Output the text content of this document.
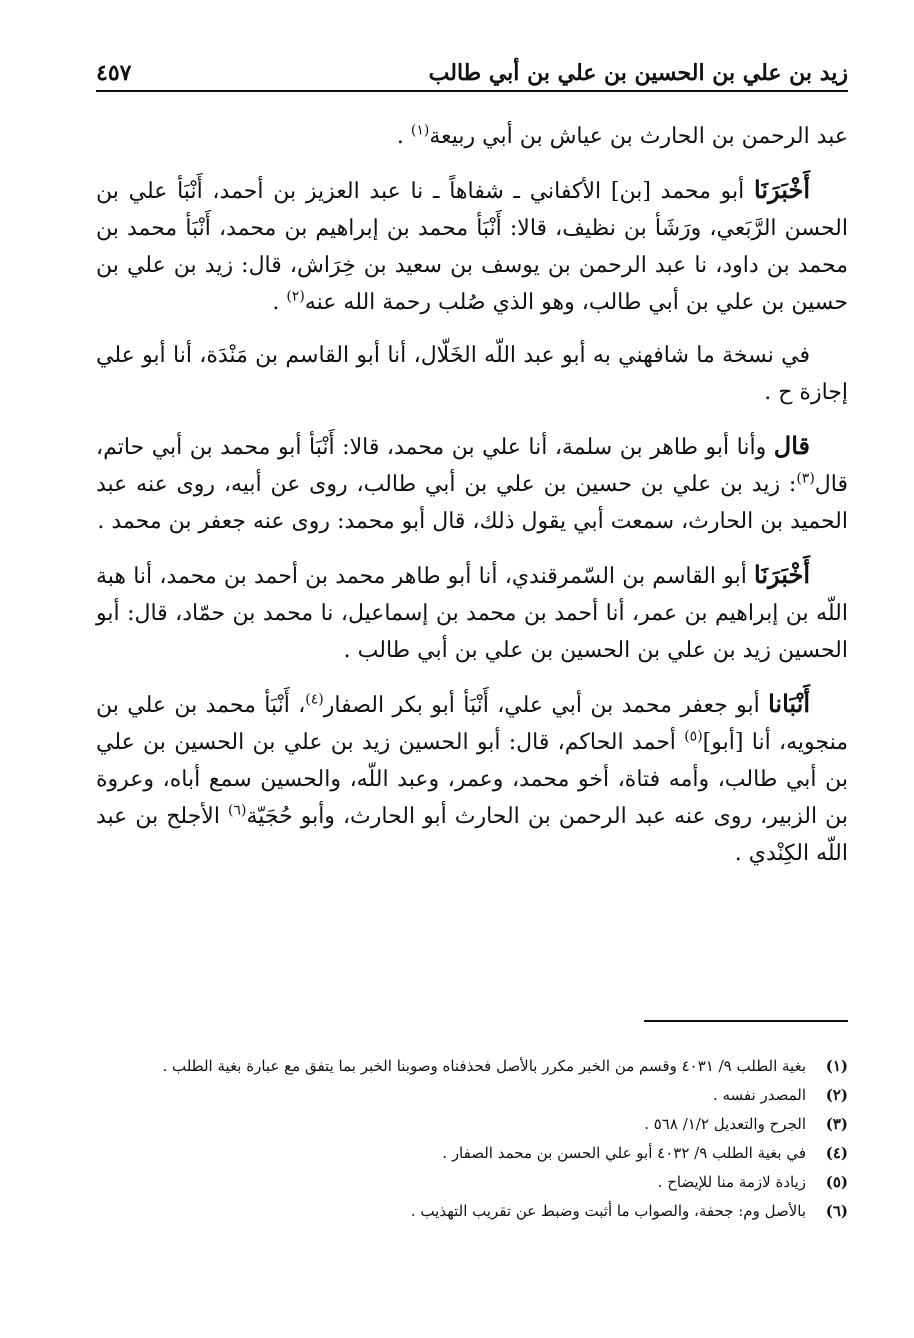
زيد بن علي بن الحسين بن علي بن أبي طالب
٤٥٧

عبد الرحمن بن الحارث بن عياش بن أبي ربيعة$^{(١)}$ .

أَخْبَرَنَا أبو محمد [بن] الأكفاني ـ شفاهاً ـ نا عبد العزيز بن أحمد، أَنْبَأ علي بن الحسن الرَّبَعي، ورَشَأ بن نظيف، قالا: أَنْبَأ محمد بن إبراهيم بن محمد، أَنْبَأ محمد بن محمد بن داود، نا عبد الرحمن بن يوسف بن سعيد بن خِرَاش، قال: زيد بن علي بن حسين بن علي بن أبي طالب، وهو الذي صُلب رحمة الله عنه$^{(٢)}$ .

في نسخة ما شافهني به أبو عبد اللّه الخَلّال، أنا أبو القاسم بن مَنْدَة، أنا أبو علي إجازة ح .

قال وأنا أبو طاهر بن سلمة، أنا علي بن محمد، قالا: أَنْبَأ أبو محمد بن أبي حاتم، قال$^{(٣)}$: زيد بن علي بن حسين بن علي بن أبي طالب، روى عن أبيه، روى عنه عبد الحميد بن الحارث، سمعت أبي يقول ذلك، قال أبو محمد: روى عنه جعفر بن محمد .

أَخْبَرَنَا أبو القاسم بن السّمرقندي، أنا أبو طاهر محمد بن أحمد بن محمد، أنا هبة اللّه بن إبراهيم بن عمر، أنا أحمد بن محمد بن إسماعيل، نا محمد بن حمّاد، قال: أبو الحسين زيد بن علي بن الحسين بن علي بن أبي طالب .

أَنْبَانا أبو جعفر محمد بن أبي علي، أَنْبَأ أبو بكر الصفار$^{(٤)}$، أَنْبَأ محمد بن علي بن منجويه، أنا [أبو]$^{(٥)}$ أحمد الحاكم، قال: أبو الحسين زيد بن علي بن الحسين بن علي بن أبي طالب، وأمه فتاة، أخو محمد، وعمر، وعبد اللّه، والحسين سمع أباه، وعروة بن الزبير، روى عنه عبد الرحمن بن الحارث أبو الحارث، وأبو حُجَيّة$^{(٦)}$ الأجلح بن عبد اللّه الكِنْدي .

(١)
بغية الطلب ٩/ ٤٠٣١ وقسم من الخبر مكرر بالأصل فحذفناه وصوبنا الخبر بما يتفق مع عبارة بغية الطلب .
(٢)
المصدر نفسه .
(٣)
الجرح والتعديل ١/٢/ ٥٦٨ .
(٤)
في بغية الطلب ٩/ ٤٠٣٢ أبو علي الحسن بن محمد الصفار .
(٥)
زيادة لازمة منا للإيضاح .
(٦)
بالأصل وم: جحفة، والصواب ما أثبت وضبط عن تقريب التهذيب .
